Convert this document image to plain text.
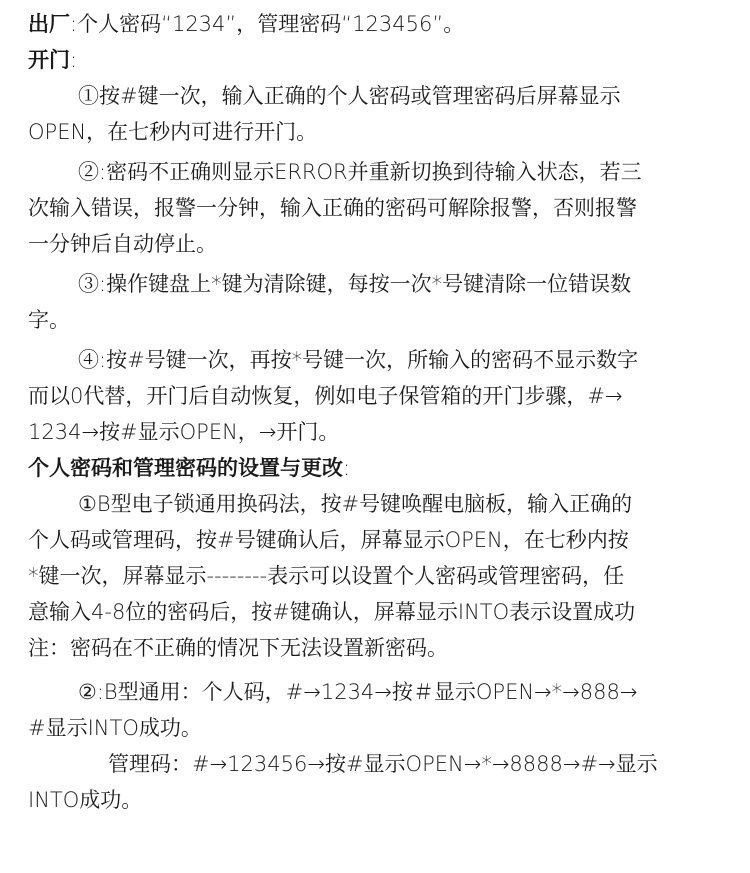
出厂:个人密码“1234”，管理密码“123456”。
开门:
①按#键一次，输入正确的个人密码或管理密码后屏幕显示
OPEN，在七秒内可进行开门。
②:密码不正确则显示ERROR并重新切换到待输入状态，若三
次输入错误，报警一分钟，输入正确的密码可解除报警，否则报警
一分钟后自动停止。
③:操作键盘上*键为清除键，每按一次*号键清除一位错误数
字。
④:按#号键一次，再按*号键一次，所输入的密码不显示数字
而以0代替，开门后自动恢复，例如电子保管箱的开门步骤，#→
1234→按#显示OPEN，→开门。
个人密码和管理密码的设置与更改:
①B型电子锁通用换码法，按#号键唤醒电脑板，输入正确的
个人码或管理码，按#号键确认后，屏幕显示OPEN，在七秒内按
*键一次，屏幕显示--------表示可以设置个人密码或管理密码，任
意输入4-8位的密码后，按#键确认，屏幕显示INTO表示设置成功
注：密码在不正确的情况下无法设置新密码。
②:B型通用：个人码，#→1234→按＃显示OPEN→*→888→
#显示INTO成功。
管理码：#→123456→按#显示OPEN→*→8888→#→显示
INTO成功。
